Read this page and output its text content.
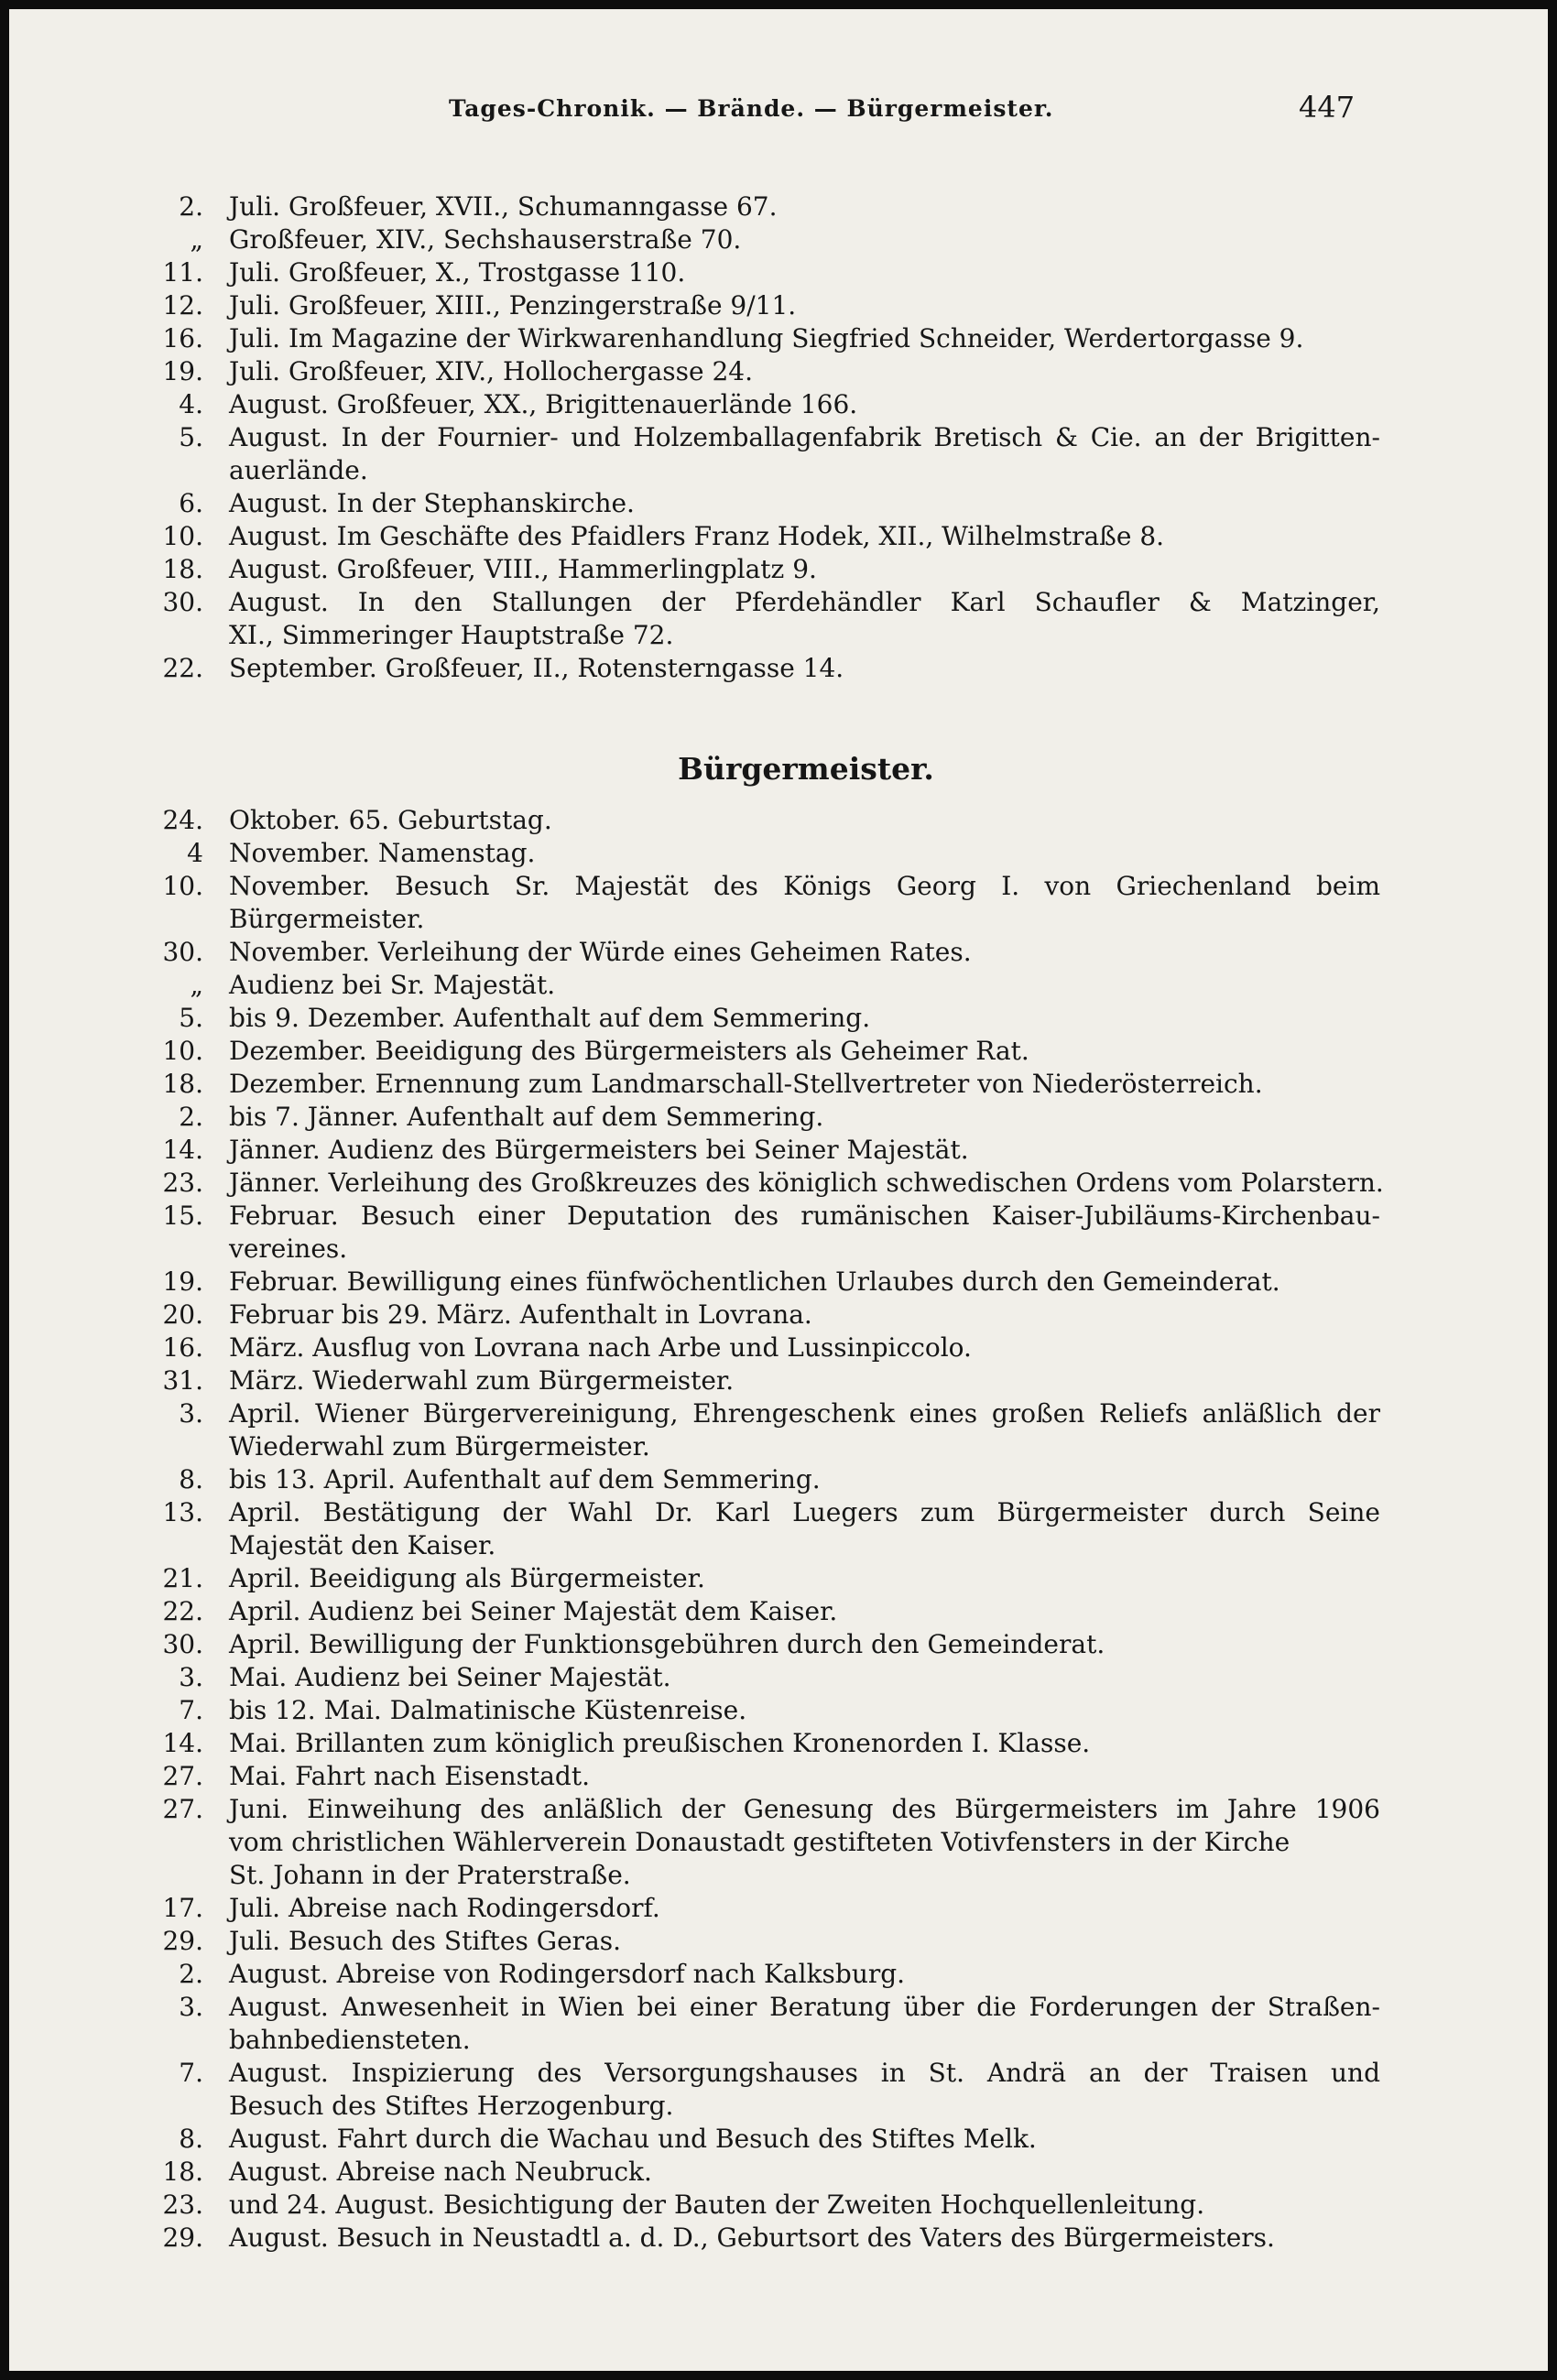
Tages-Chronik. — Brände. — Bürgermeister.	447
2. Juli. Großfeuer, XVII., Schumanngasse 67.
„ Großfeuer, XIV., Sechshauserstraße 70.
11. Juli. Großfeuer, X., Trostgasse 110.
12. Juli. Großfeuer, XIII., Penzingerstraße 9/11.
16. Juli. Im Magazine der Wirkwarenhandlung Siegfried Schneider, Werdertorgasse 9.
19. Juli. Großfeuer, XIV., Hollochergasse 24.
4. August. Großfeuer, XX., Brigittenauerlände 166.
5. August. In der Fournier- und Holzemballagenfabrik Bretisch & Cie. an der Brigitten-
auerlände.
6. August. In der Stephanskirche.
10. August. Im Geschäfte des Pfaidlers Franz Hodek, XII., Wilhelmstraße 8.
18. August. Großfeuer, VIII., Hammerlingplatz 9.
30. August. In den Stallungen der Pferdehändler Karl Schaufler & Matzinger,
XI., Simmeringer Hauptstraße 72.
22. September. Großfeuer, II., Rotensterngasse 14.
Bürgermeister.
24. Oktober. 65. Geburtstag.
4 November. Namenstag.
10. November. Besuch Sr. Majestät des Königs Georg I. von Griechenland beim
Bürgermeister.
30. November. Verleihung der Würde eines Geheimen Rates.
„ Audienz bei Sr. Majestät.
5. bis 9. Dezember. Aufenthalt auf dem Semmering.
10. Dezember. Beeidigung des Bürgermeisters als Geheimer Rat.
18. Dezember. Ernennung zum Landmarschall-Stellvertreter von Niederösterreich.
2. bis 7. Jänner. Aufenthalt auf dem Semmering.
14. Jänner. Audienz des Bürgermeisters bei Seiner Majestät.
23. Jänner. Verleihung des Großkreuzes des königlich schwedischen Ordens vom Polarstern.
15. Februar. Besuch einer Deputation des rumänischen Kaiser-Jubiläums-Kirchenbau-
vereines.
19. Februar. Bewilligung eines fünfwöchentlichen Urlaubes durch den Gemeinderat.
20. Februar bis 29. März. Aufenthalt in Lovrana.
16. März. Ausflug von Lovrana nach Arbe und Lussinpiccolo.
31. März. Wiederwahl zum Bürgermeister.
3. April. Wiener Bürgervereinigung, Ehrengeschenk eines großen Reliefs anläßlich der
Wiederwahl zum Bürgermeister.
8. bis 13. April. Aufenthalt auf dem Semmering.
13. April. Bestätigung der Wahl Dr. Karl Luegers zum Bürgermeister durch Seine
Majestät den Kaiser.
21. April. Beeidigung als Bürgermeister.
22. April. Audienz bei Seiner Majestät dem Kaiser.
30. April. Bewilligung der Funktionsgebühren durch den Gemeinderat.
3. Mai. Audienz bei Seiner Majestät.
7. bis 12. Mai. Dalmatinische Küstenreise.
14. Mai. Brillanten zum königlich preußischen Kronenorden I. Klasse.
27. Mai. Fahrt nach Eisenstadt.
27. Juni. Einweihung des anläßlich der Genesung des Bürgermeisters im Jahre 1906
vom christlichen Wählerverein Donaustadt gestifteten Votivfensters in der Kirche
St. Johann in der Praterstraße.
17. Juli. Abreise nach Rodingersdorf.
29. Juli. Besuch des Stiftes Geras.
2. August. Abreise von Rodingersdorf nach Kalksburg.
3. August. Anwesenheit in Wien bei einer Beratung über die Forderungen der Straßen-
bahnbediensteten.
7. August. Inspizierung des Versorgungshauses in St. Andrä an der Traisen und
Besuch des Stiftes Herzogenburg.
8. August. Fahrt durch die Wachau und Besuch des Stiftes Melk.
18. August. Abreise nach Neubruck.
23. und 24. August. Besichtigung der Bauten der Zweiten Hochquellenleitung.
29. August. Besuch in Neustadtl a. d. D., Geburtsort des Vaters des Bürgermeisters.
